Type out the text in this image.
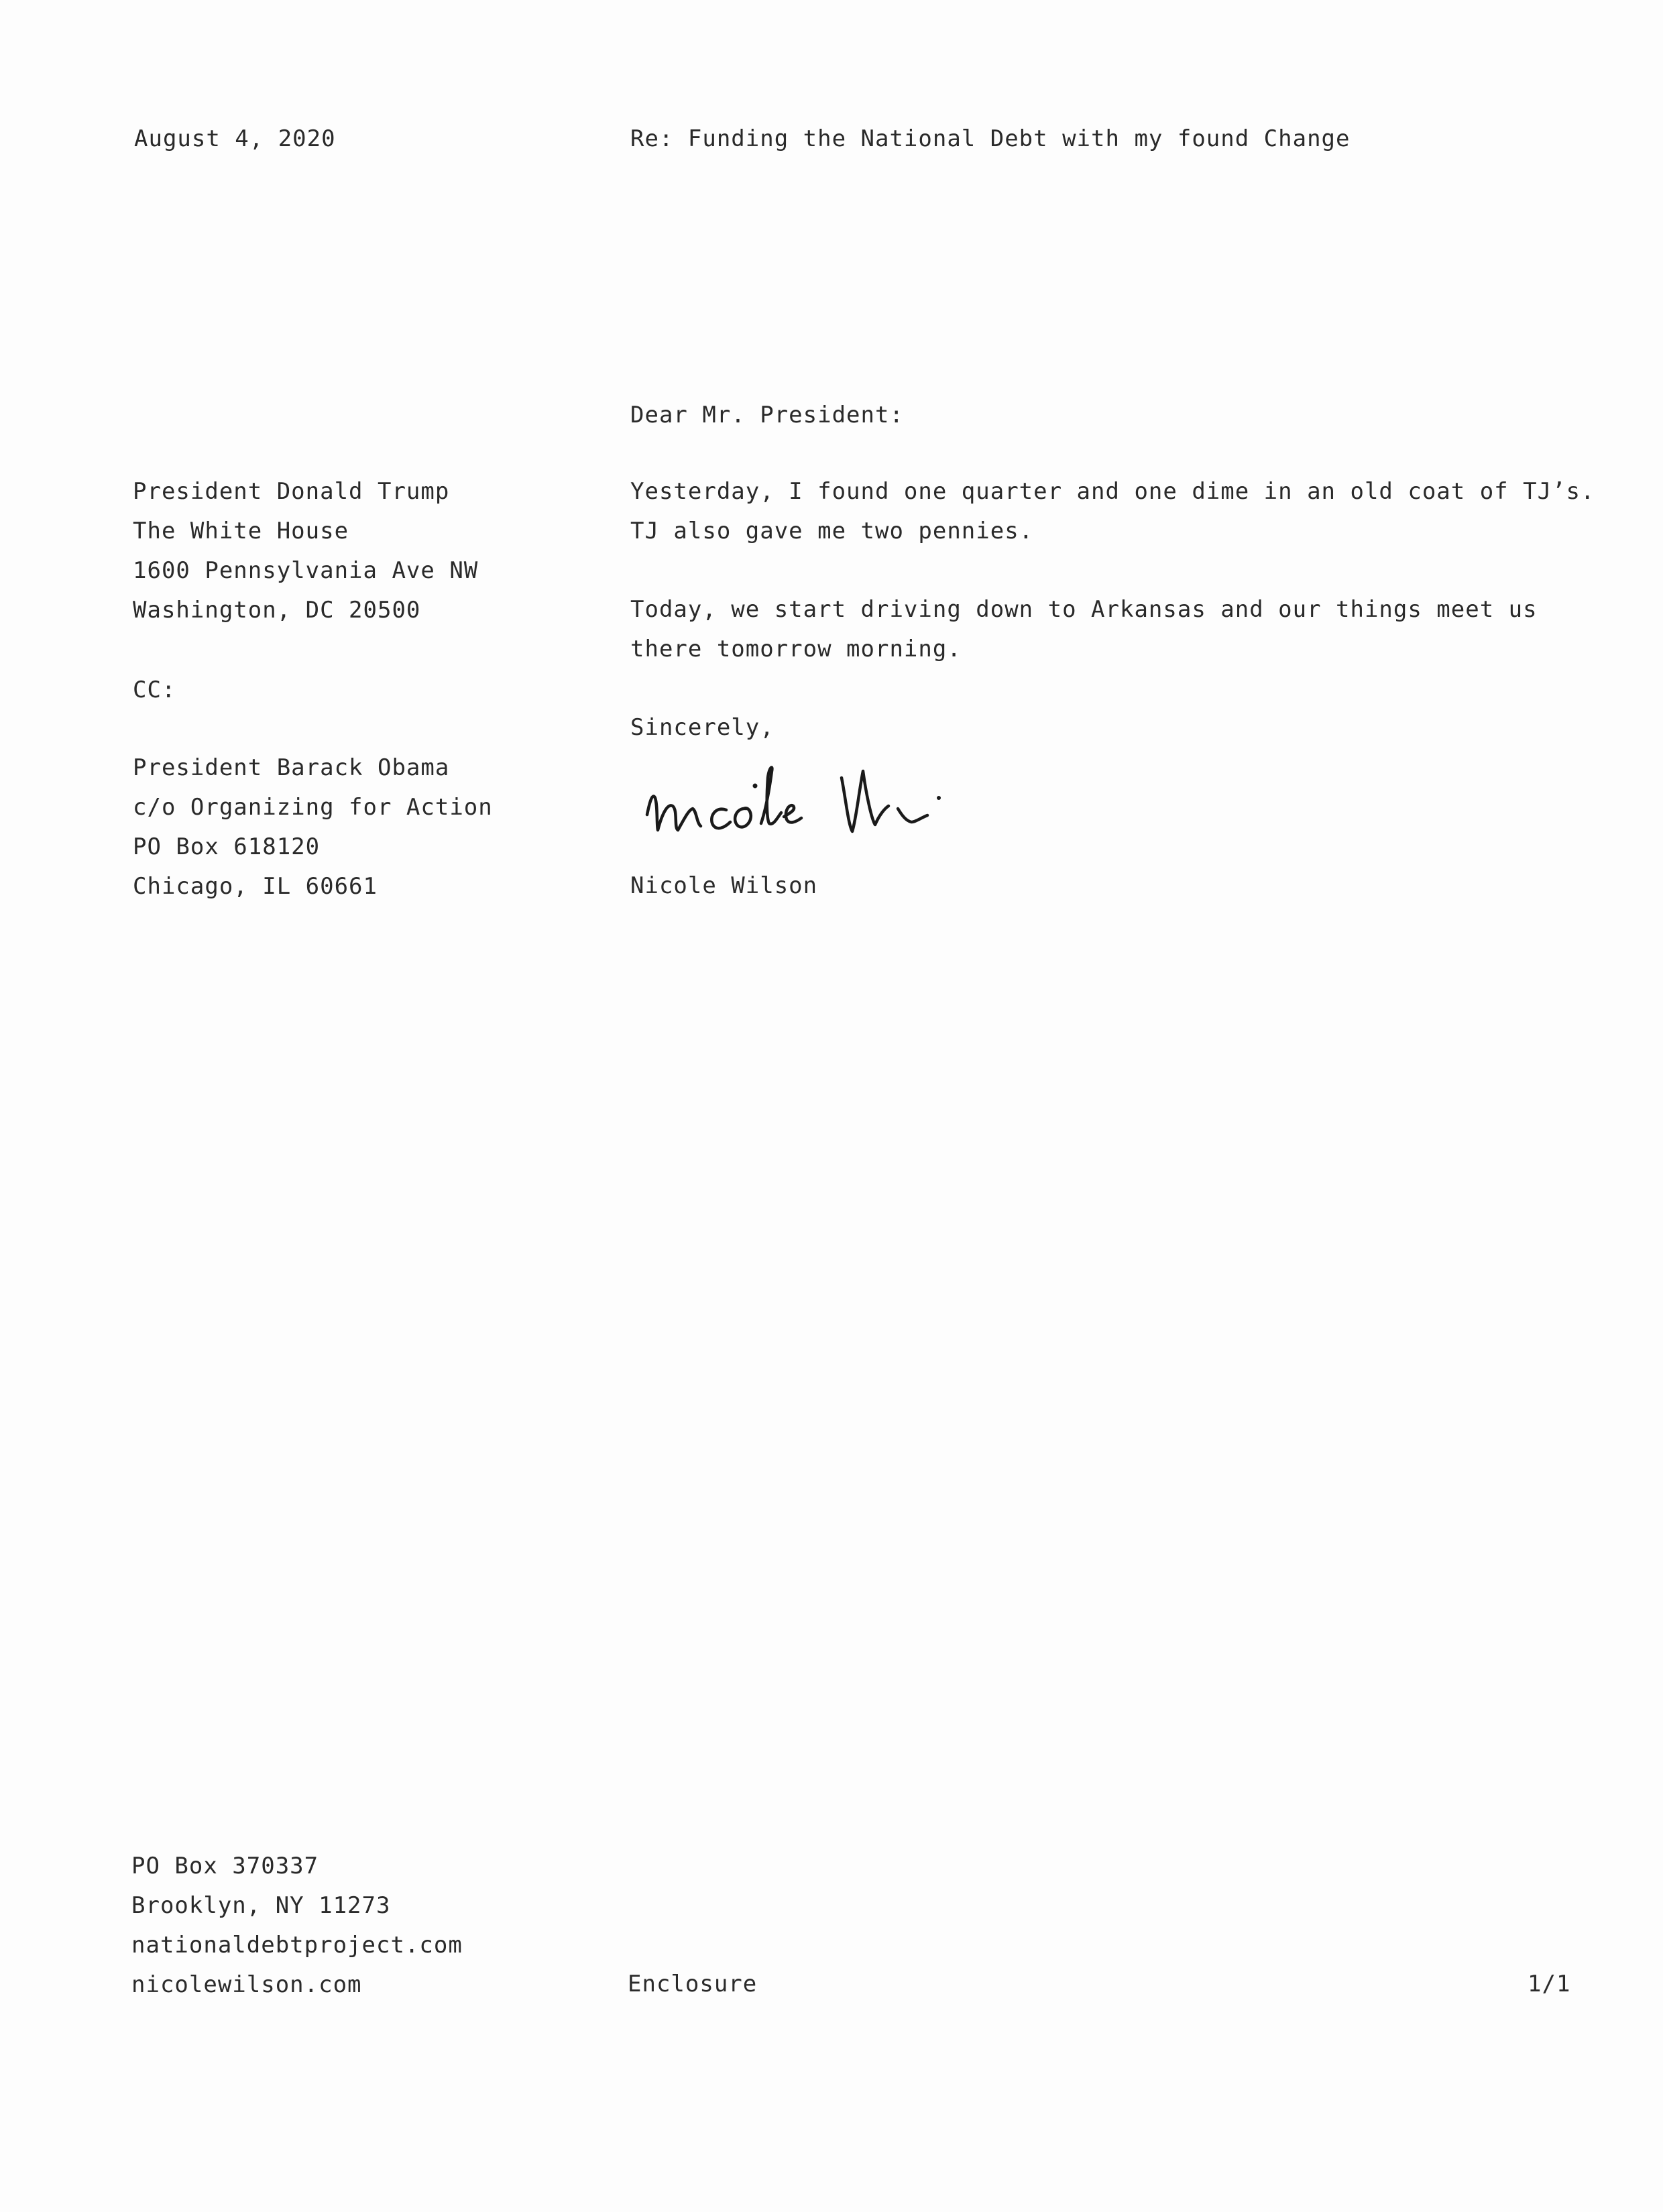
August 4, 2020	Re: Funding the National Debt with my found Change
Dear Mr. President:
President Donald Trump
The White House
1600 Pennsylvania Ave NW
Washington, DC 20500
CC:
President Barack Obama
c/o Organizing for Action
PO Box 618120
Chicago, IL 60661
Yesterday, I found one quarter and one dime in an old coat of TJ’s.
TJ also gave me two pennies.
Today, we start driving down to Arkansas and our things meet us
there tomorrow morning.
Sincerely,
Nicole Wilson
PO Box 370337
Brooklyn, NY 11273
nationaldebtproject.com
nicolewilson.com	Enclosure	1/1
